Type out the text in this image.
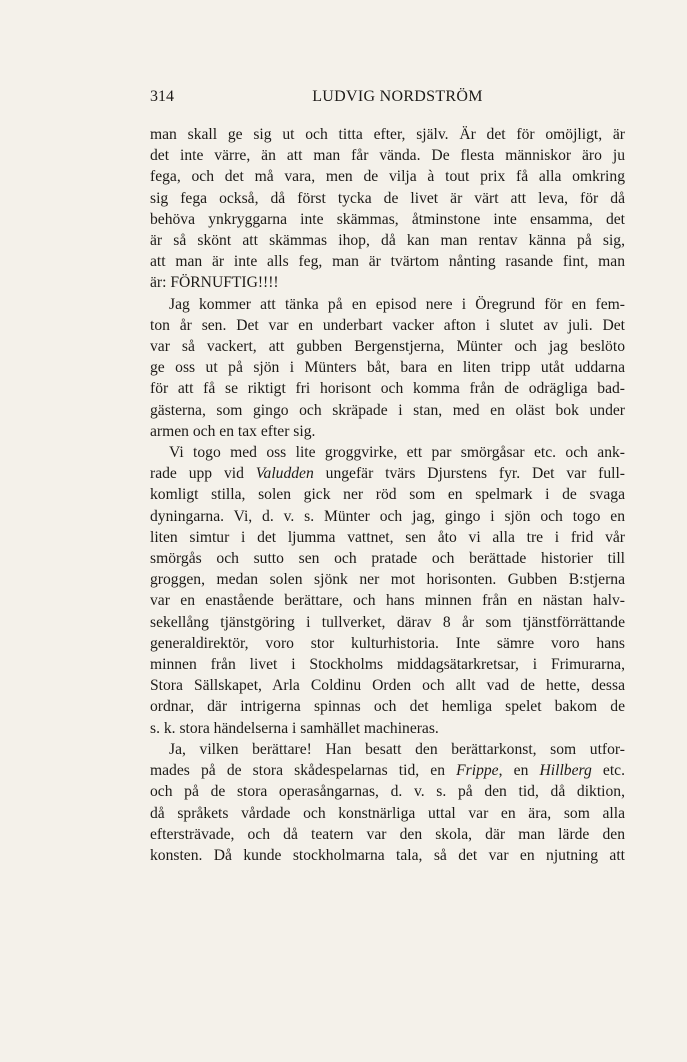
314	LUDVIG NORDSTRÖM
man skall ge sig ut och titta efter, själv. Är det för omöjligt, är
det inte värre, än att man får vända. De flesta människor äro ju
fega, och det må vara, men de vilja à tout prix få alla omkring
sig fega också, då först tycka de livet är värt att leva, för då
behöva ynkryggarna inte skämmas, åtminstone inte ensamma, det
är så skönt att skämmas ihop, då kan man rentav känna på sig,
att man är inte alls feg, man är tvärtom nånting rasande fint, man
är: FÖRNUFTIG!!!!
Jag kommer att tänka på en episod nere i Öregrund för en fem-
ton år sen. Det var en underbart vacker afton i slutet av juli. Det
var så vackert, att gubben Bergenstjerna, Münter och jag beslöto
ge oss ut på sjön i Münters båt, bara en liten tripp utåt uddarna
för att få se riktigt fri horisont och komma från de odrägliga bad-
gästerna, som gingo och skräpade i stan, med en oläst bok under
armen och en tax efter sig.
Vi togo med oss lite groggvirke, ett par smörgåsar etc. och ank-
rade upp vid Valudden ungefär tvärs Djurstens fyr. Det var full-
komligt stilla, solen gick ner röd som en spelmark i de svaga
dyningarna. Vi, d. v. s. Münter och jag, gingo i sjön och togo en
liten simtur i det ljumma vattnet, sen åto vi alla tre i frid vår
smörgås och sutto sen och pratade och berättade historier till
groggen, medan solen sjönk ner mot horisonten. Gubben B:stjerna
var en enastående berättare, och hans minnen från en nästan halv-
sekellång tjänstgöring i tullverket, därav 8 år som tjänstförrättande
generaldirektör, voro stor kulturhistoria. Inte sämre voro hans
minnen från livet i Stockholms middagsätarkretsar, i Frimurarna,
Stora Sällskapet, Arla Coldinu Orden och allt vad de hette, dessa
ordnar, där intrigerna spinnas och det hemliga spelet bakom de
s. k. stora händelserna i samhället machineras.
Ja, vilken berättare! Han besatt den berättarkonst, som utfor-
mades på de stora skådespelarnas tid, en Frippe, en Hillberg etc.
och på de stora operasångarnas, d. v. s. på den tid, då diktion,
då språkets vårdade och konstnärliga uttal var en ära, som alla
eftersträvade, och då teatern var den skola, där man lärde den
konsten. Då kunde stockholmarna tala, så det var en njutning att
